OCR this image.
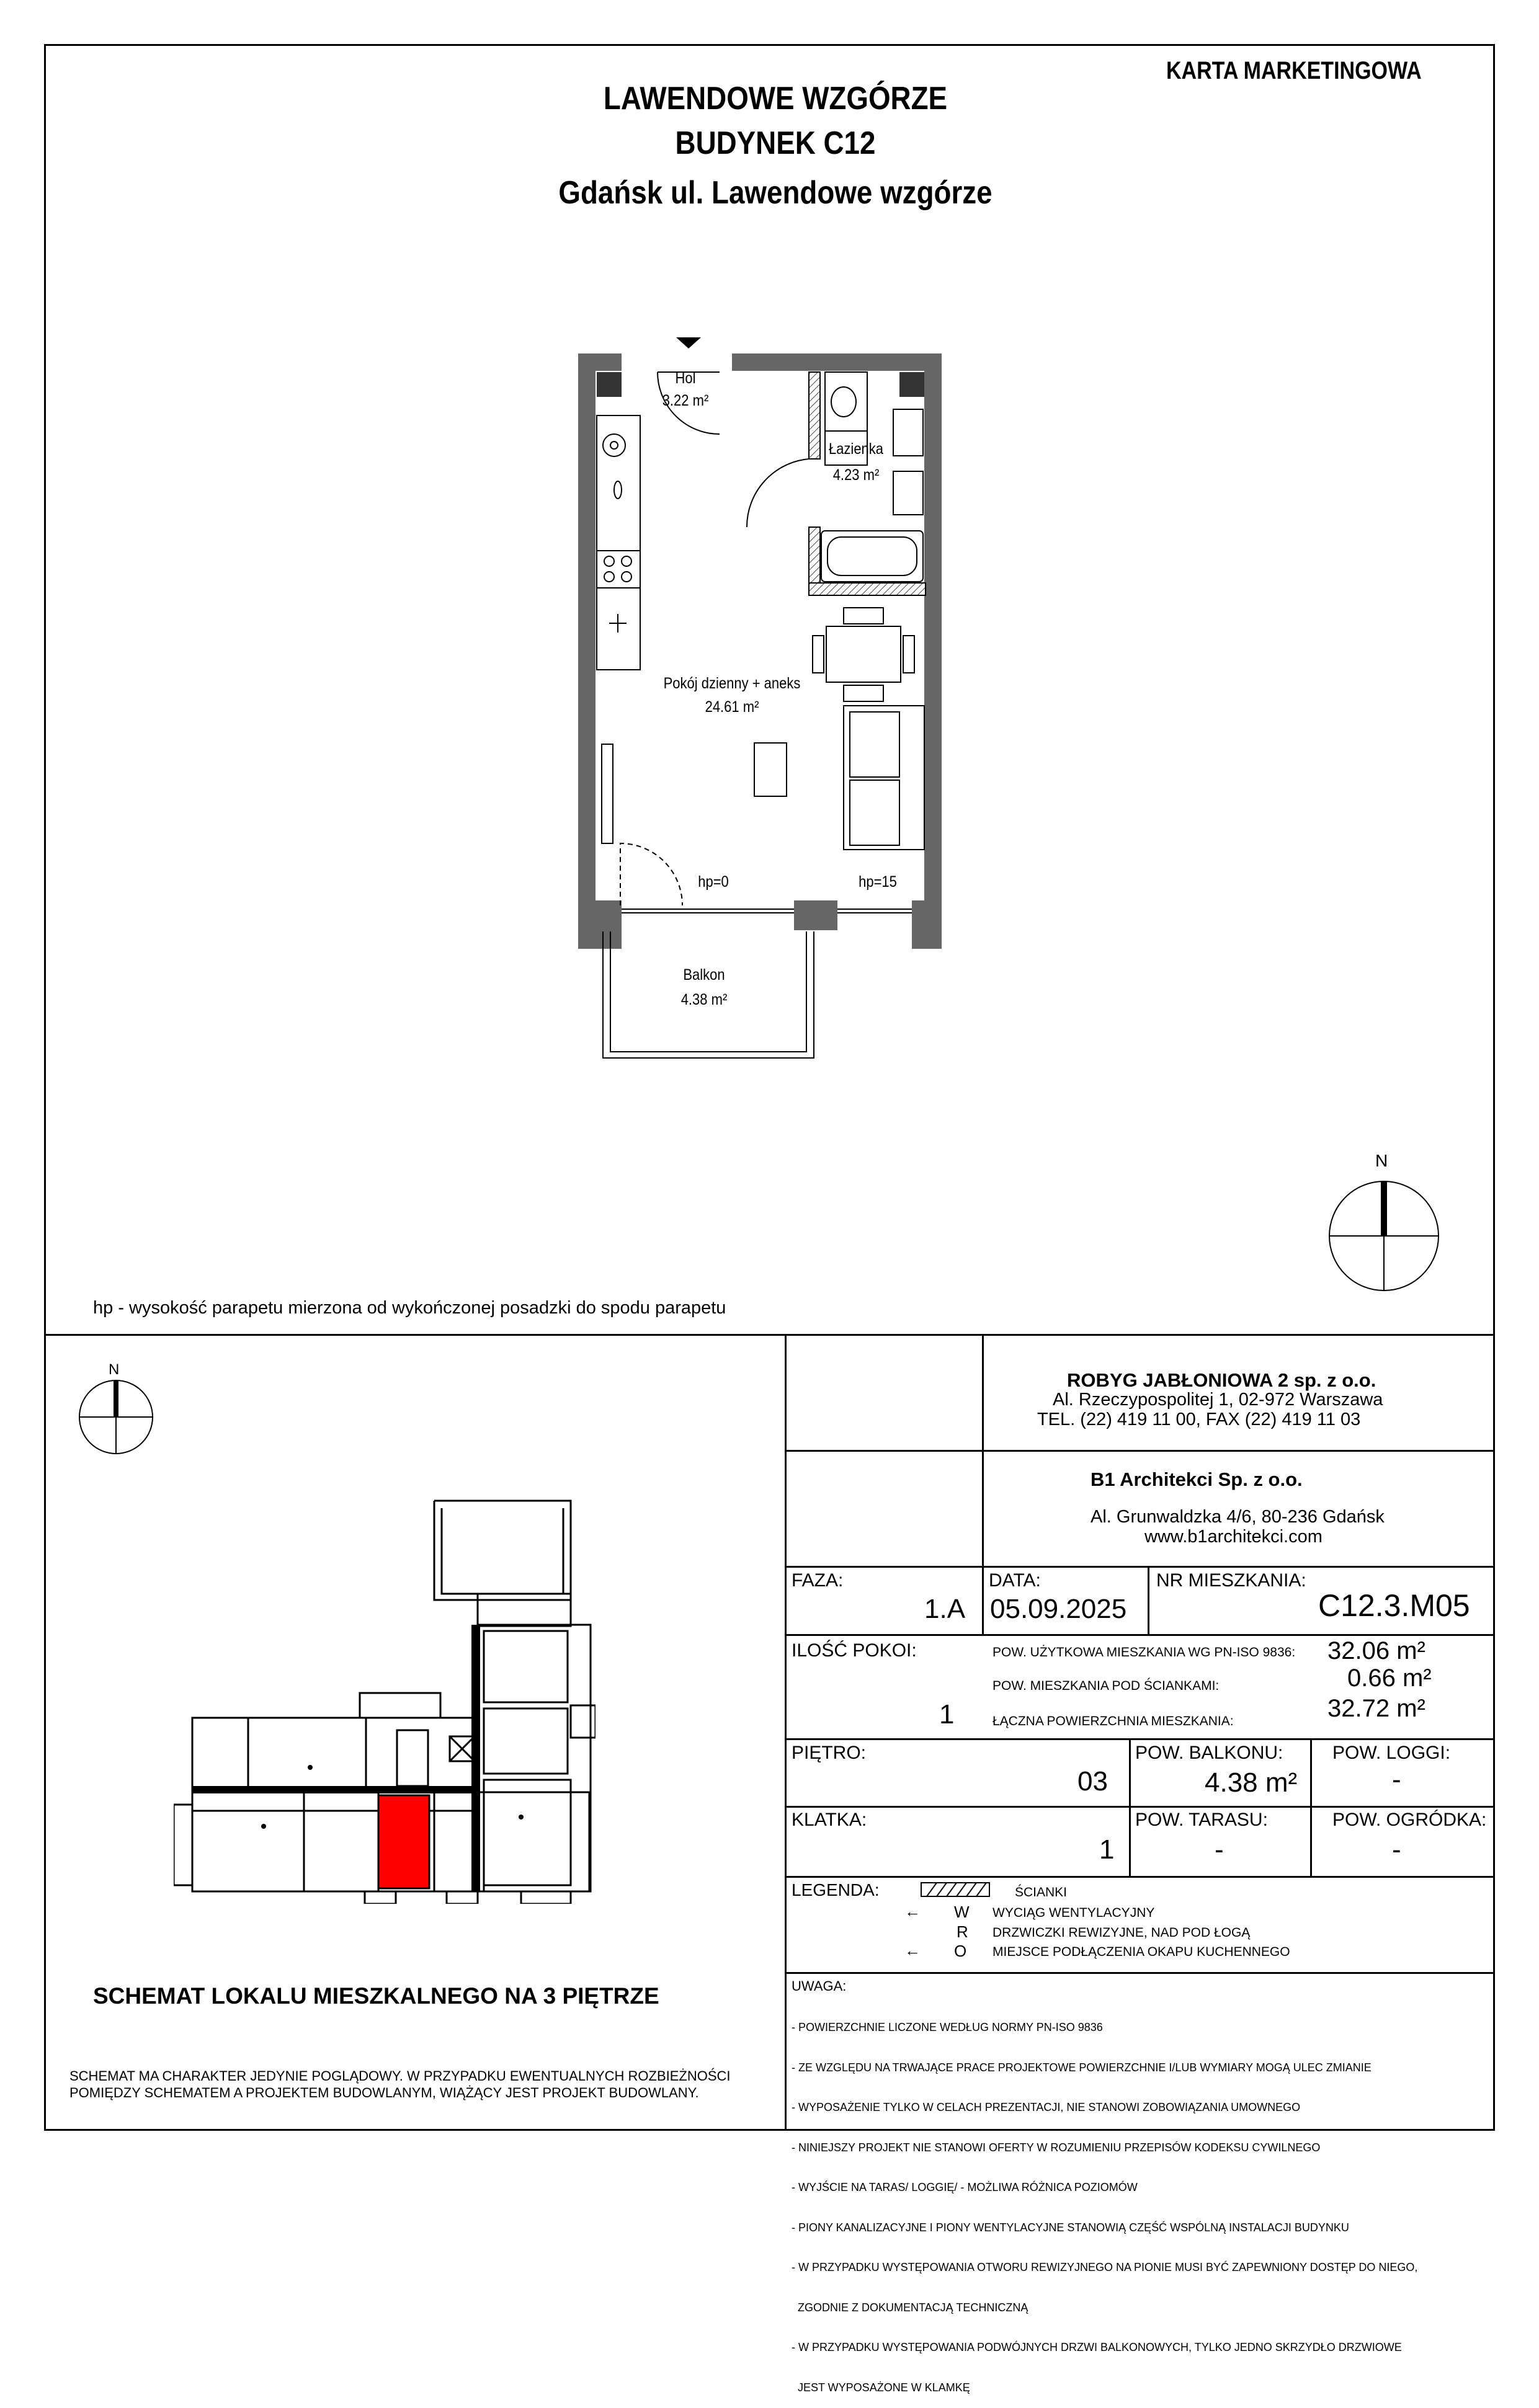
KARTA MARKETINGOWA
LAWENDOWE WZGÓRZE
BUDYNEK C12
Gdańsk ul. Lawendowe wzgórze
Hol
3.22 m²
Łazienka
4.23 m²
Pokój dzienny + aneks
24.61 m²
hp=0	hp=15
Balkon
4.38 m²
N
hp - wysokość parapetu mierzona od wykończonej posadzki do spodu parapetu
N
SCHEMAT LOKALU MIESZKALNEGO NA 3 PIĘTRZE
SCHEMAT MA CHARAKTER JEDYNIE POGLĄDOWY. W PRZYPADKU EWENTUALNYCH ROZBIEŻNOŚCI
POMIĘDZY SCHEMATEM A PROJEKTEM BUDOWLANYM, WIĄŻĄCY JEST PROJEKT BUDOWLANY.
ROBYG JABŁONIOWA 2 sp. z o.o.
Al. Rzeczypospolitej 1, 02-972 Warszawa
TEL. (22) 419 11 00, FAX (22) 419 11 03
B1 Architekci Sp. z o.o.
Al. Grunwaldzka 4/6, 80-236 Gdańsk
www.b1architekci.com
FAZA:
1.A
DATA:
05.09.2025
NR MIESZKANIA:
C12.3.M05
ILOŚĆ POKOI:
1
POW. UŻYTKOWA MIESZKANIA WG PN-ISO 9836: 32.06 m²
POW. MIESZKANIA POD ŚCIANKAMI:	0.66 m²
ŁĄCZNA POWIERZCHNIA MIESZKANIA:	32.72 m²
PIĘTRO:
03
POW. BALKONU:
4.38 m²
POW. LOGGI:
-
KLATKA:
1
POW. TARASU:
-
POW. OGRÓDKA:
-
LEGENDA:	ŚCIANKI
← W WYCIĄG WENTYLACYJNY
R DRZWICZKI REWIZYJNE, NAD POD ŁOGĄ
← O MIEJSCE PODŁĄCZENIA OKAPU KUCHENNEGO
UWAGA:

- POWIERZCHNIE LICZONE WEDŁUG NORMY PN-ISO 9836

- ZE WZGLĘDU NA TRWAJĄCE PRACE PROJEKTOWE POWIERZCHNIE I/LUB WYMIARY MOGĄ ULEC ZMIANIE

- WYPOSAŻENIE TYLKO W CELACH PREZENTACJI, NIE STANOWI ZOBOWIĄZANIA UMOWNEGO

- NINIEJSZY PROJEKT NIE STANOWI OFERTY W ROZUMIENIU PRZEPISÓW KODEKSU CYWILNEGO

- WYJŚCIE NA TARAS/ LOGGIĘ/ - MOŻLIWA RÓŻNICA POZIOMÓW

- PIONY KANALIZACYJNE I PIONY WENTYLACYJNE STANOWIĄ CZĘŚĆ WSPÓLNĄ INSTALACJI BUDYNKU

- W PRZYPADKU WYSTĘPOWANIA OTWORU REWIZYJNEGO NA PIONIE MUSI BYĆ ZAPEWNIONY DOSTĘP DO NIEGO,

ZGODNIE Z DOKUMENTACJĄ TECHNICZNĄ

- W PRZYPADKU WYSTĘPOWANIA PODWÓJNYCH DRZWI BALKONOWYCH, TYLKO JEDNO SKRZYDŁO DRZWIOWE

JEST WYPOSAŻONE W KLAMKĘ
